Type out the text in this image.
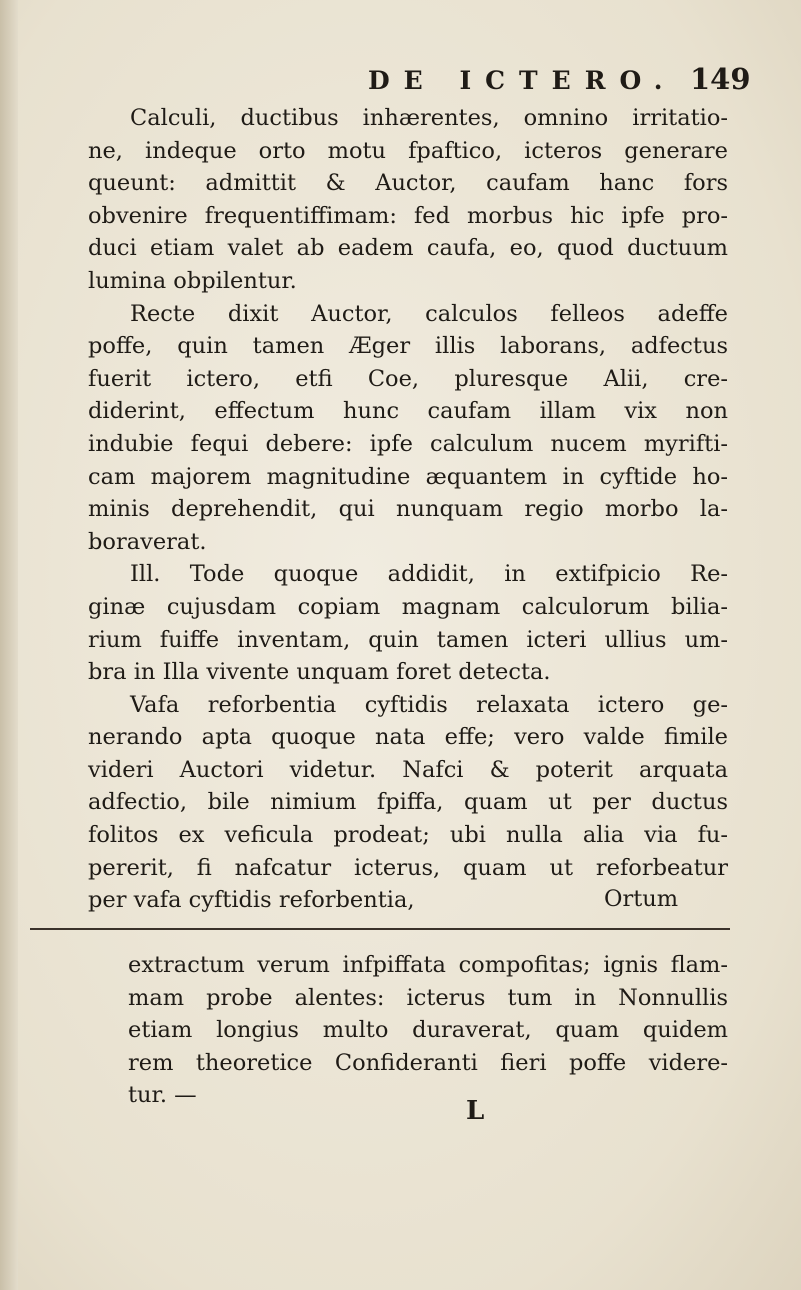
DE ICTERO. 149
Calculi, ductibus inhærentes, omnino irritatio-
ne, indeque orto motu fpaftico, icteros generare
queunt: admittit & Auctor, caufam hanc fors
obvenire frequentiffimam: fed morbus hic ipfe pro-
duci etiam valet ab eadem caufa, eo, quod ductuum
lumina obpilentur.
Recte dixit Auctor, calculos felleos adeffe
poffe, quin tamen Æger illis laborans, adfectus
fuerit ictero, etfi Coe, pluresque Alii, cre-
diderint, effectum hunc caufam illam vix non
indubie fequi debere: ipfe calculum nucem myrifti-
cam majorem magnitudine æquantem in cyftide ho-
minis deprehendit, qui nunquam regio morbo la-
boraverat.
Ill. Tode quoque addidit, in extifpicio Re-
ginæ cujusdam copiam magnam calculorum bilia-
rium fuiffe inventam, quin tamen icteri ullius um-
bra in Illa vivente unquam foret detecta.
Vafa reforbentia cyftidis relaxata ictero ge-
nerando apta quoque nata effe; vero valde fimile
videri Auctori videtur. Nafci & poterit arquata
adfectio, bile nimium fpiffa, quam ut per ductus
folitos ex veficula prodeat; ubi nulla alia via fu-
pererit, fi nafcatur icterus, quam ut reforbeatur
per vafa cyftidis reforbentia,	Ortum
extractum verum infpiffata compofitas; ignis flam-
mam probe alentes: icterus tum in Nonnullis
etiam longius multo duraverat, quam quidem
rem theoretice Confideranti fieri poffe videre-
tur. —
L
